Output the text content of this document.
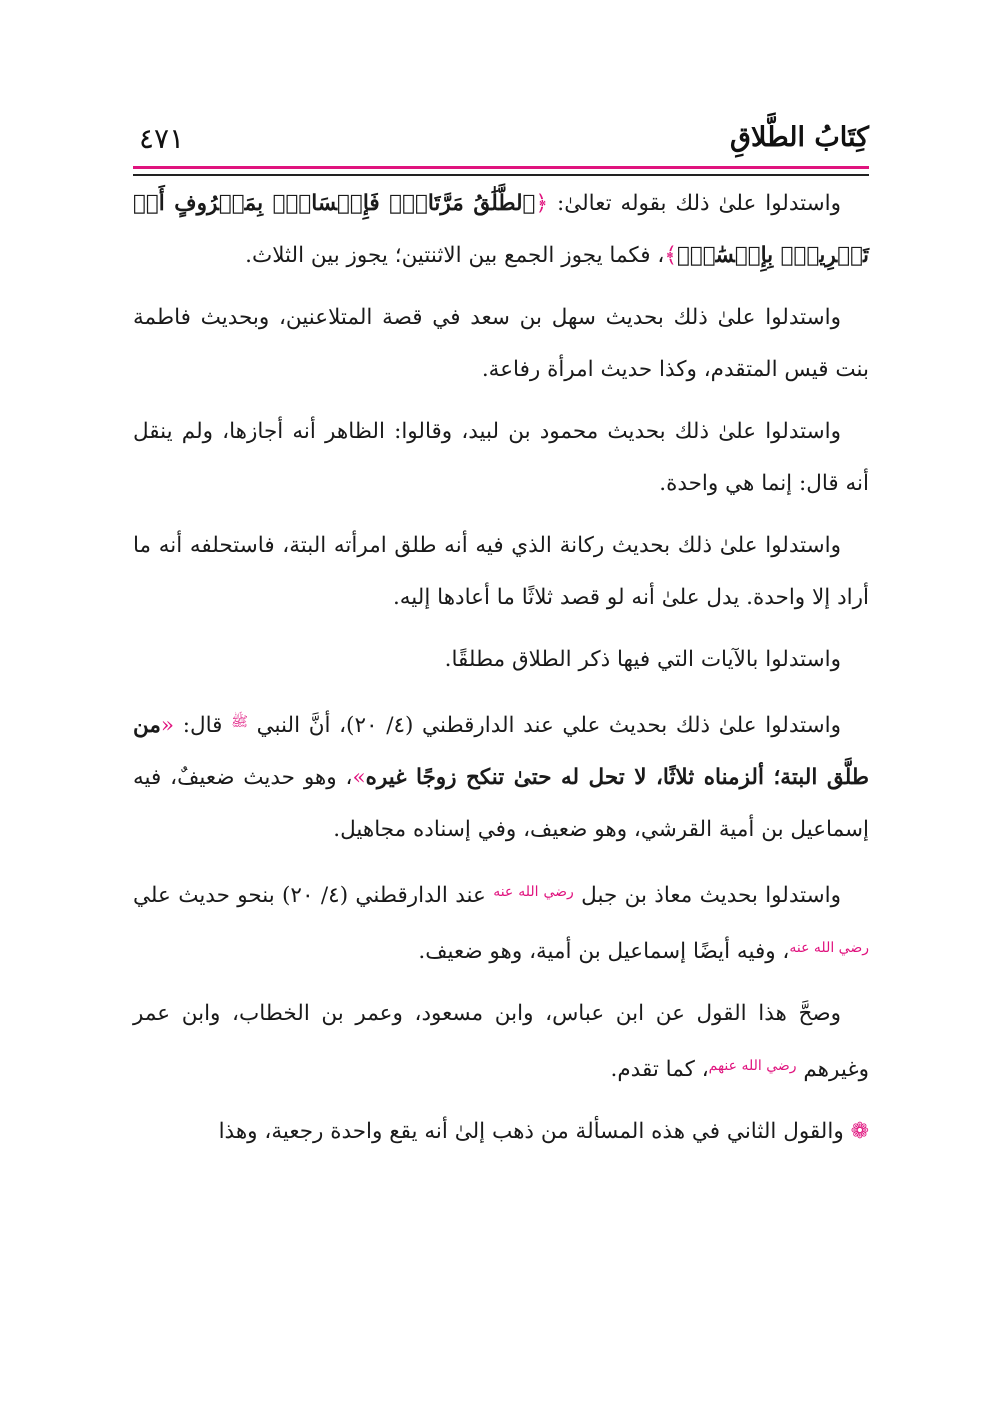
كِتَابُ الطَّلاقِ
٤٧١

واستدلوا علىٰ ذلك بقوله تعالىٰ: ﴿ٱلطَّلَٰقُ مَرَّتَانِۖ فَإِمۡسَاكُۢ بِمَعۡرُوفٍ أَوۡ تَسۡرِيحُۢ بِإِحۡسَٰنٖۗ﴾، فكما يجوز الجمع بين الاثنتين؛ يجوز بين الثلاث.

واستدلوا علىٰ ذلك بحديث سهل بن سعد في قصة المتلاعنين، وبحديث فاطمة بنت قيس المتقدم، وكذا حديث امرأة رفاعة.

واستدلوا علىٰ ذلك بحديث محمود بن لبيد، وقالوا: الظاهر أنه أجازها، ولم ينقل أنه قال: إنما هي واحدة.

واستدلوا علىٰ ذلك بحديث ركانة الذي فيه أنه طلق امرأته البتة، فاستحلفه أنه ما أراد إلا واحدة. يدل علىٰ أنه لو قصد ثلاثًا ما أعادها إليه.

واستدلوا بالآيات التي فيها ذكر الطلاق مطلقًا.

واستدلوا علىٰ ذلك بحديث علي عند الدارقطني (٤/ ٢٠)، أنَّ النبي $^ﷺ$ قال: «من طلَّق البتة؛ ألزمناه ثلاثًا، لا تحل له حتىٰ تنكح زوجًا غيره»، وهو حديث ضعيفٌ، فيه إسماعيل بن أمية القرشي، وهو ضعيف، وفي إسناده مجاهيل.

واستدلوا بحديث معاذ بن جبل $^{رضي الله عنه}$ عند الدارقطني (٤/ ٢٠) بنحو حديث علي $^{رضي الله عنه}$، وفيه أيضًا إسماعيل بن أمية، وهو ضعيف.

وصحَّ هذا القول عن ابن عباس، وابن مسعود، وعمر بن الخطاب، وابن عمر وغيرهم $^{رضي الله عنهم}$، كما تقدم.

❁ والقول الثاني في هذه المسألة من ذهب إلىٰ أنه يقع واحدة رجعية، وهذا
